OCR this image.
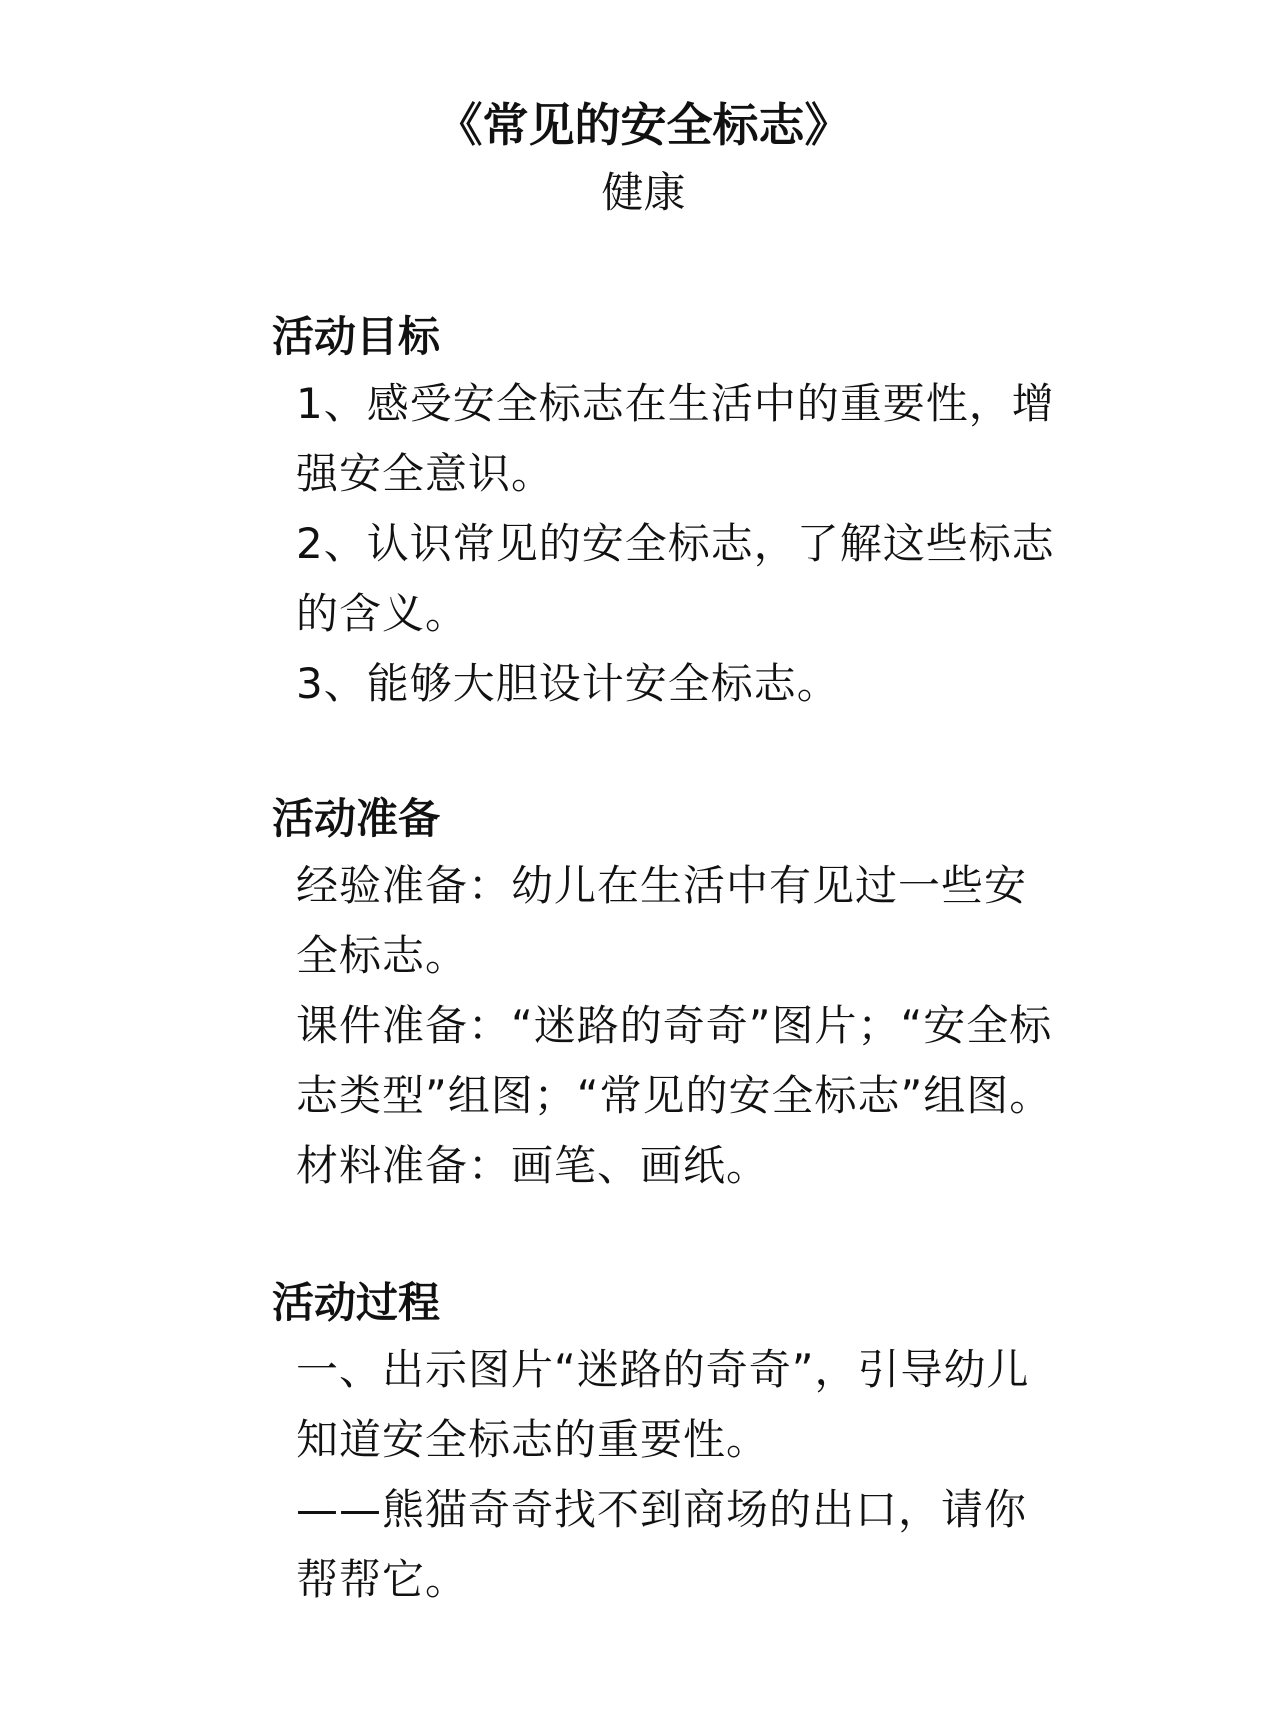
《常见的安全标志》

健康

活动目标

1、感受安全标志在生活中的重要性，增强安全意识。

2、认识常见的安全标志，了解这些标志的含义。

3、能够大胆设计安全标志。

活动准备

经验准备：幼儿在生活中有见过一些安全标志。

课件准备：“迷路的奇奇”图片；“安全标志类型”组图；“常见的安全标志”组图。

材料准备：画笔、画纸。

活动过程

一、出示图片“迷路的奇奇”，引导幼儿知道安全标志的重要性。

——熊猫奇奇找不到商场的出口，请你帮帮它。
